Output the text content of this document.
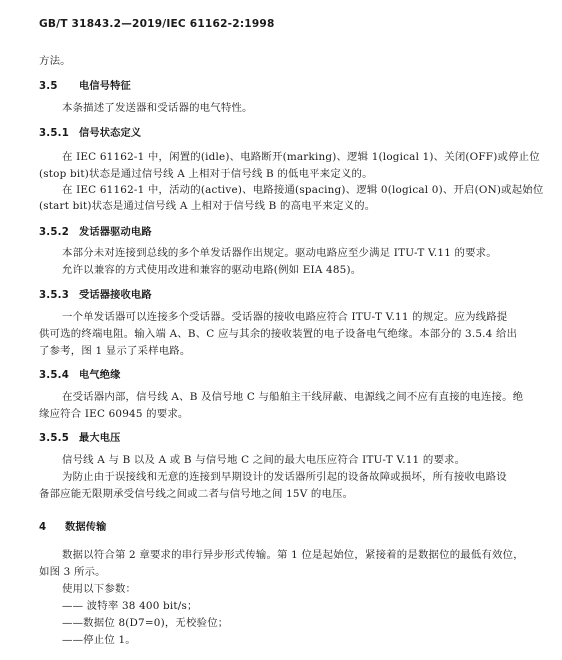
GB/T 31843.2—2019/IEC 61162-2:1998
方法。
3.5 电信号特征
本条描述了发送器和受话器的电气特性。
3.5.1 信号状态定义
在 IEC 61162-1 中，闲置的(idle)、电路断开(marking)、逻辑 1(logical 1)、关闭(OFF)或停止位
(stop bit)状态是通过信号线 A 上相对于信号线 B 的低电平来定义的。
在 IEC 61162-1 中，活动的(active)、电路接通(spacing)、逻辑 0(logical 0)、开启(ON)或起始位
(start bit)状态是通过信号线 A 上相对于信号线 B 的高电平来定义的。
3.5.2 发话器驱动电路
本部分未对连接到总线的多个单发话器作出规定。驱动电路应至少满足 ITU-T V.11 的要求。
允许以兼容的方式使用改进和兼容的驱动电路(例如 EIA 485)。
3.5.3 受话器接收电路
一个单发话器可以连接多个受话器。受话器的接收电路应符合 ITU-T V.11 的规定。应为线路提
供可选的终端电阻。输入端 A、B、C 应与其余的接收装置的电子设备电气绝缘。本部分的 3.5.4 给出
了参考，图 1 显示了采样电路。
3.5.4 电气绝缘
在受话器内部，信号线 A、B 及信号地 C 与船舶主干线屏蔽、电源线之间不应有直接的电连接。绝
缘应符合 IEC 60945 的要求。
3.5.5 最大电压
信号线 A 与 B 以及 A 或 B 与信号地 C 之间的最大电压应符合 ITU-T V.11 的要求。
为防止由于误接线和无意的连接到早期设计的发话器所引起的设备故障或损坏，所有接收电路设
备部应能无限期承受信号线之间或二者与信号地之间 15V 的电压。
4 数据传输
数据以符合第 2 章要求的串行异步形式传输。第 1 位是起始位，紧接着的是数据位的最低有效位，
如图 3 所示。
使用以下参数：
—— 波特率 38 400 bit/s；
——数据位 8(D7=0)，无校验位；
——停止位 1。
